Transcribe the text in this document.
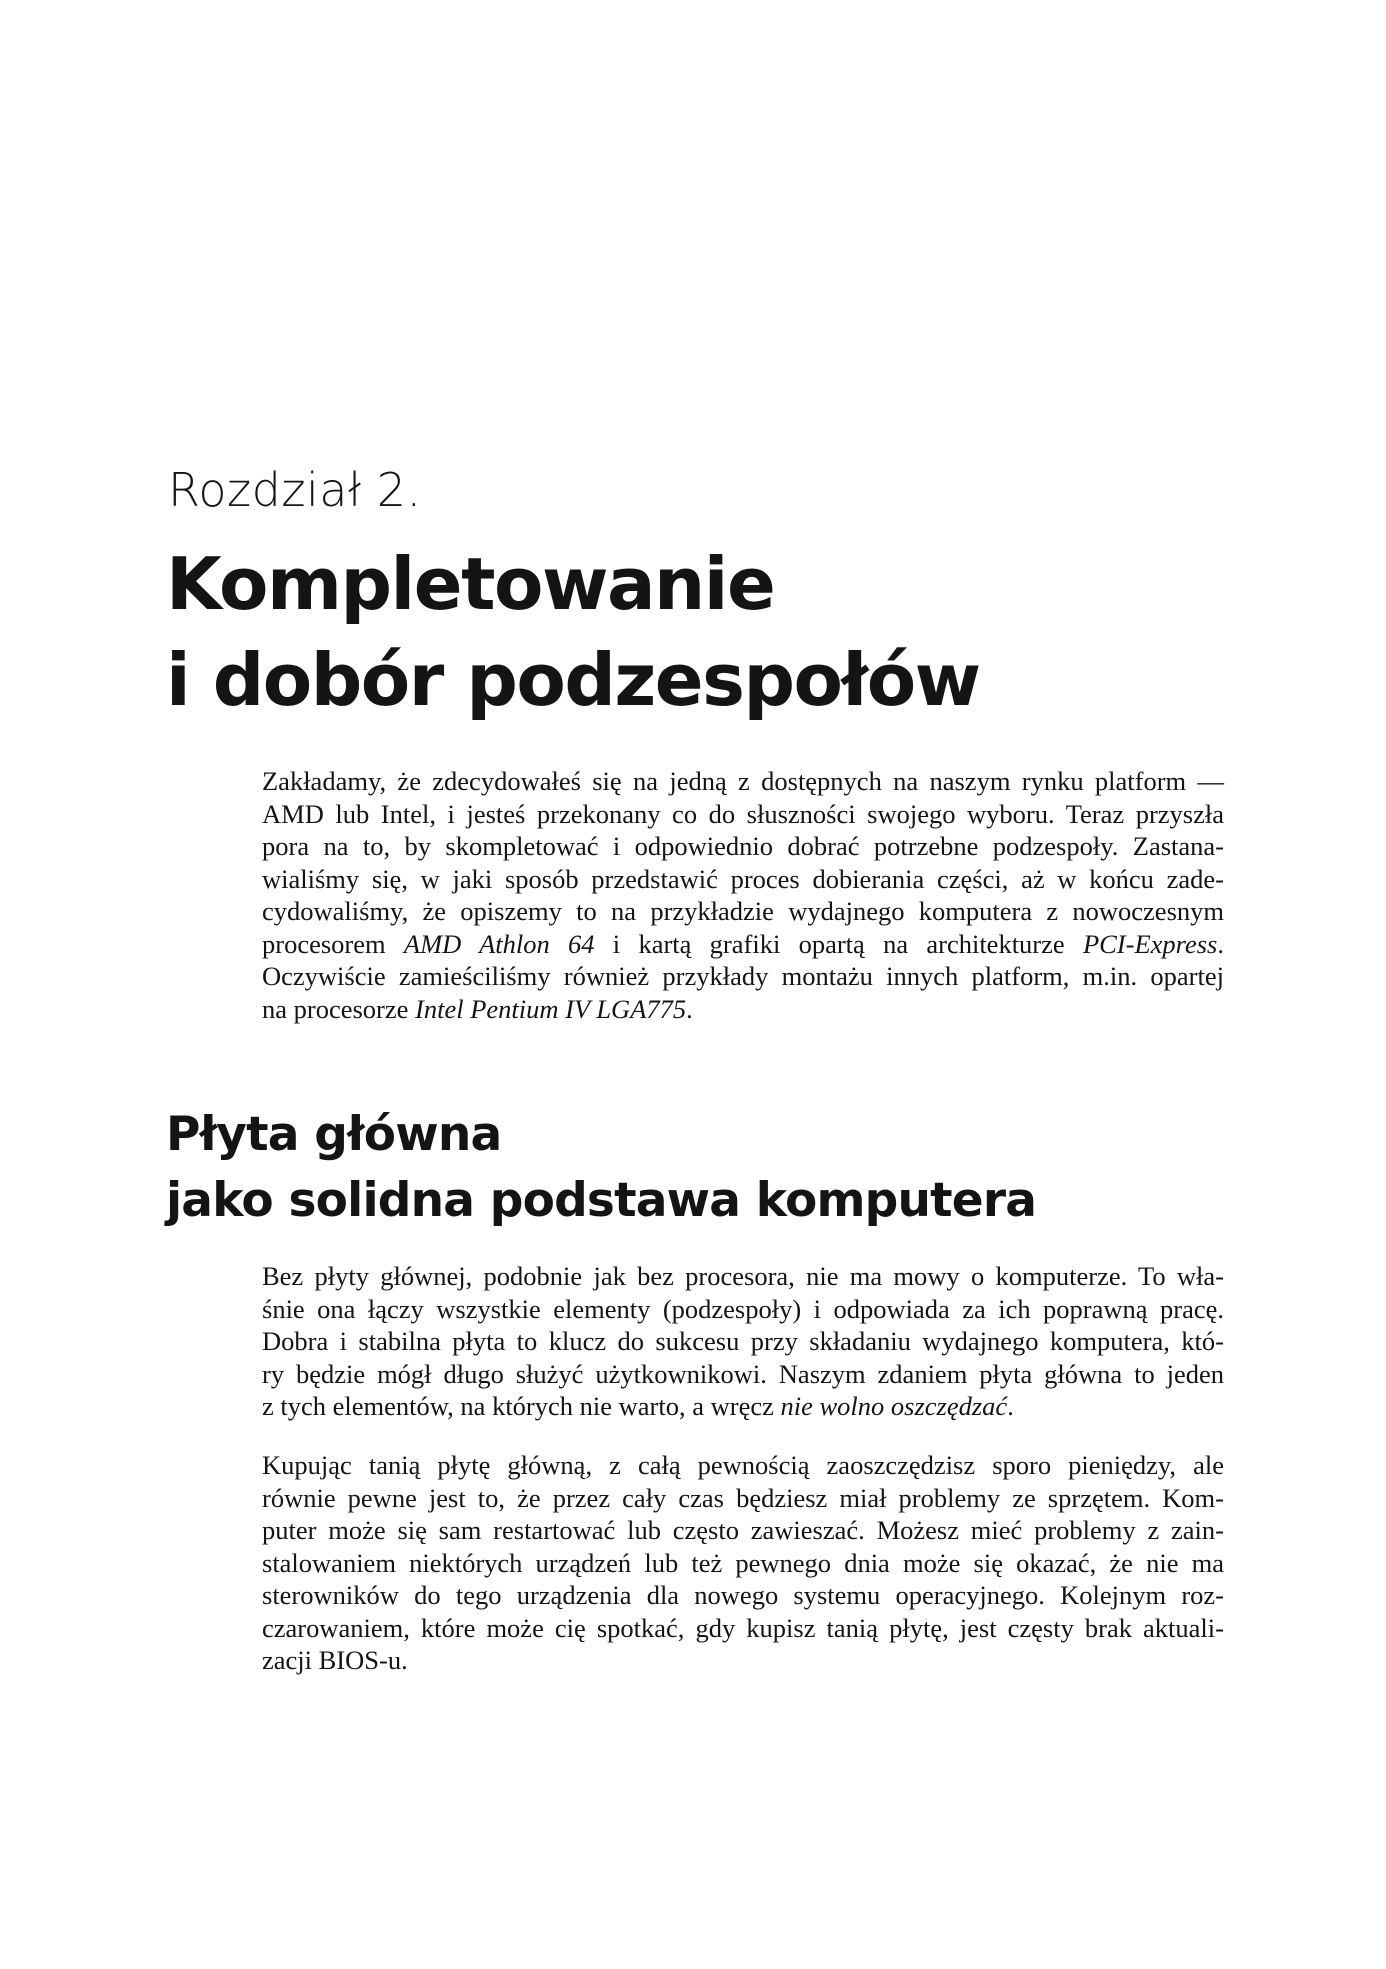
Rozdział 2.
Kompletowanie
i dobór podzespołów
Zakładamy, że zdecydowałeś się na jedną z dostępnych na naszym rynku platform —
AMD lub Intel, i jesteś przekonany co do słuszności swojego wyboru. Teraz przyszła
pora na to, by skompletować i odpowiednio dobrać potrzebne podzespoły. Zastana-
wialiśmy się, w jaki sposób przedstawić proces dobierania części, aż w końcu zade-
cydowaliśmy, że opiszemy to na przykładzie wydajnego komputera z nowoczesnym
procesorem AMD Athlon 64 i kartą grafiki opartą na architekturze PCI-Express.
Oczywiście zamieściliśmy również przykłady montażu innych platform, m.in. opartej
na procesorze Intel Pentium IV LGA775.
Płyta główna
jako solidna podstawa komputera
Bez płyty głównej, podobnie jak bez procesora, nie ma mowy o komputerze. To wła-
śnie ona łączy wszystkie elementy (podzespoły) i odpowiada za ich poprawną pracę.
Dobra i stabilna płyta to klucz do sukcesu przy składaniu wydajnego komputera, któ-
ry będzie mógł długo służyć użytkownikowi. Naszym zdaniem płyta główna to jeden
z tych elementów, na których nie warto, a wręcz nie wolno oszczędzać.
Kupując tanią płytę główną, z całą pewnością zaoszczędzisz sporo pieniędzy, ale
równie pewne jest to, że przez cały czas będziesz miał problemy ze sprzętem. Kom-
puter może się sam restartować lub często zawieszać. Możesz mieć problemy z zain-
stalowaniem niektórych urządzeń lub też pewnego dnia może się okazać, że nie ma
sterowników do tego urządzenia dla nowego systemu operacyjnego. Kolejnym roz-
czarowaniem, które może cię spotkać, gdy kupisz tanią płytę, jest częsty brak aktuali-
zacji BIOS-u.
